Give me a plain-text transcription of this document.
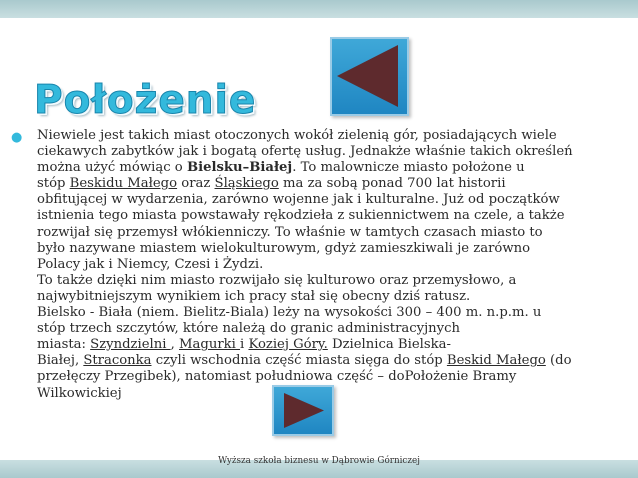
Położenie
● Niewiele jest takich miast otoczonych wokół zielenią gór, posiadających wiele
ciekawych zabytków jak i bogatą ofertę usług. Jednakże właśnie takich określeń
można użyć mówiąc o Bielsku–Białej. To malownicze miasto położone u
stóp Beskidu Małego oraz Śląskiego ma za sobą ponad 700 lat historii
obfitującej w wydarzenia, zarówno wojenne jak i kulturalne. Już od początków
istnienia tego miasta powstawały rękodzieła z sukiennictwem na czele, a także
rozwijał się przemysł włókienniczy. To właśnie w tamtych czasach miasto to
było nazywane miastem wielokulturowym, gdyż zamieszkiwali je zarówno
Polacy jak i Niemcy, Czesi i Żydzi.
To także dzięki nim miasto rozwijało się kulturowo oraz przemysłowo, a
najwybitniejszym wynikiem ich pracy stał się obecny dziś ratusz.
Bielsko - Biała (niem. Bielitz-Biala) leży na wysokości 300 – 400 m. n.p.m. u
stóp trzech szczytów, które należą do granic administracyjnych
miasta: Szyndzielni , Magurki i Koziej Góry. Dzielnica Bielska-
Białej, Straconka czyli wschodnia część miasta sięga do stóp Beskid Małego (do
przełęczy Przegibek), natomiast południowa część – doPołożenie Bramy
Wilkowickiej
Wyższa szkoła biznesu w Dąbrowie Górniczej
